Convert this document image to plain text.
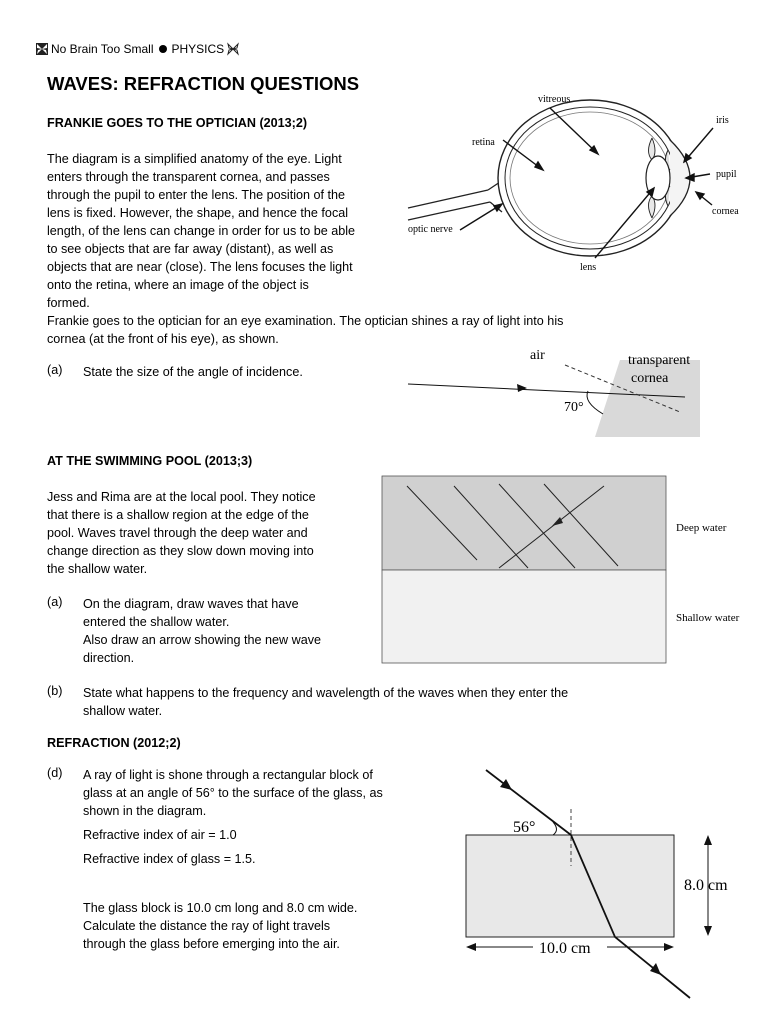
No Brain Too Small PHYSICS
WAVES: REFRACTION QUESTIONS
FRANKIE GOES TO THE OPTICIAN (2013;2)
The diagram is a simplified anatomy of the eye. Light
enters through the transparent cornea, and passes
through the pupil to enter the lens. The position of the
lens is fixed. However, the shape, and hence the focal
length, of the lens can change in order for us to be able
to see objects that are far away (distant), as well as
objects that are near (close). The lens focuses the light
onto the retina, where an image of the object is
formed.
Frankie goes to the optician for an eye examination. The optician shines a ray of light into his
cornea (at the front of his eye), as shown.
(a) State the size of the angle of incidence.
vitreous
iris
retina
pupil
cornea
optic nerve
lens
air	transparent
cornea
70°
AT THE SWIMMING POOL (2013;3)
Jess and Rima are at the local pool. They notice
that there is a shallow region at the edge of the
pool. Waves travel through the deep water and
change direction as they slow down moving into
the shallow water.
(a) On the diagram, draw waves that have
entered the shallow water.
Also draw an arrow showing the new wave
direction.
(b) State what happens to the frequency and wavelength of the waves when they enter the
shallow water.
Deep water
Shallow water
REFRACTION (2012;2)
(d) A ray of light is shone through a rectangular block of
glass at an angle of 56° to the surface of the glass, as
shown in the diagram.
Refractive index of air = 1.0
Refractive index of glass = 1.5.
The glass block is 10.0 cm long and 8.0 cm wide.
Calculate the distance the ray of light travels
through the glass before emerging into the air.
56°
8.0 cm
10.0 cm
